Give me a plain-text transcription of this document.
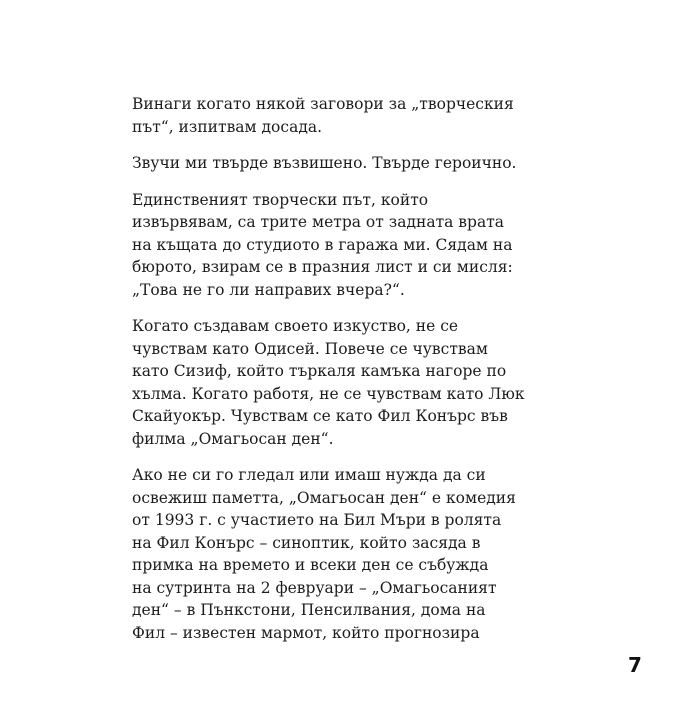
Винаги когато някой заговори за „творческия
път“, изпитвам досада.

Звучи ми твърде възвишено. Твърде героично.

Единственият творчески път, който
извървявам, са трите метра от задната врата
на къщата до студиото в гаража ми. Сядам на
бюрото, взирам се в празния лист и си мисля:
„Това не го ли направих вчера?“.

Когато създавам своето изкуство, не се
чувствам като Одисей. Повече се чувствам
като Сизиф, който търкаля камъка нагоре по
хълма. Когато работя, не се чувствам като Люк
Скайуокър. Чувствам се като Фил Конърс във
филма „Омагьосан ден“.

Ако не си го гледал или имаш нужда да си
освежиш паметта, „Омагьосан ден“ е комедия
от 1993 г. с участието на Бил Мъри в ролята
на Фил Конърс – синоптик, който засяда в
примка на времето и всеки ден се събужда
на сутринта на 2 февруари – „Омагьосаният
ден“ – в Пънкстони, Пенсилвания, дома на
Фил – известен мармот, който прогнозира

7
